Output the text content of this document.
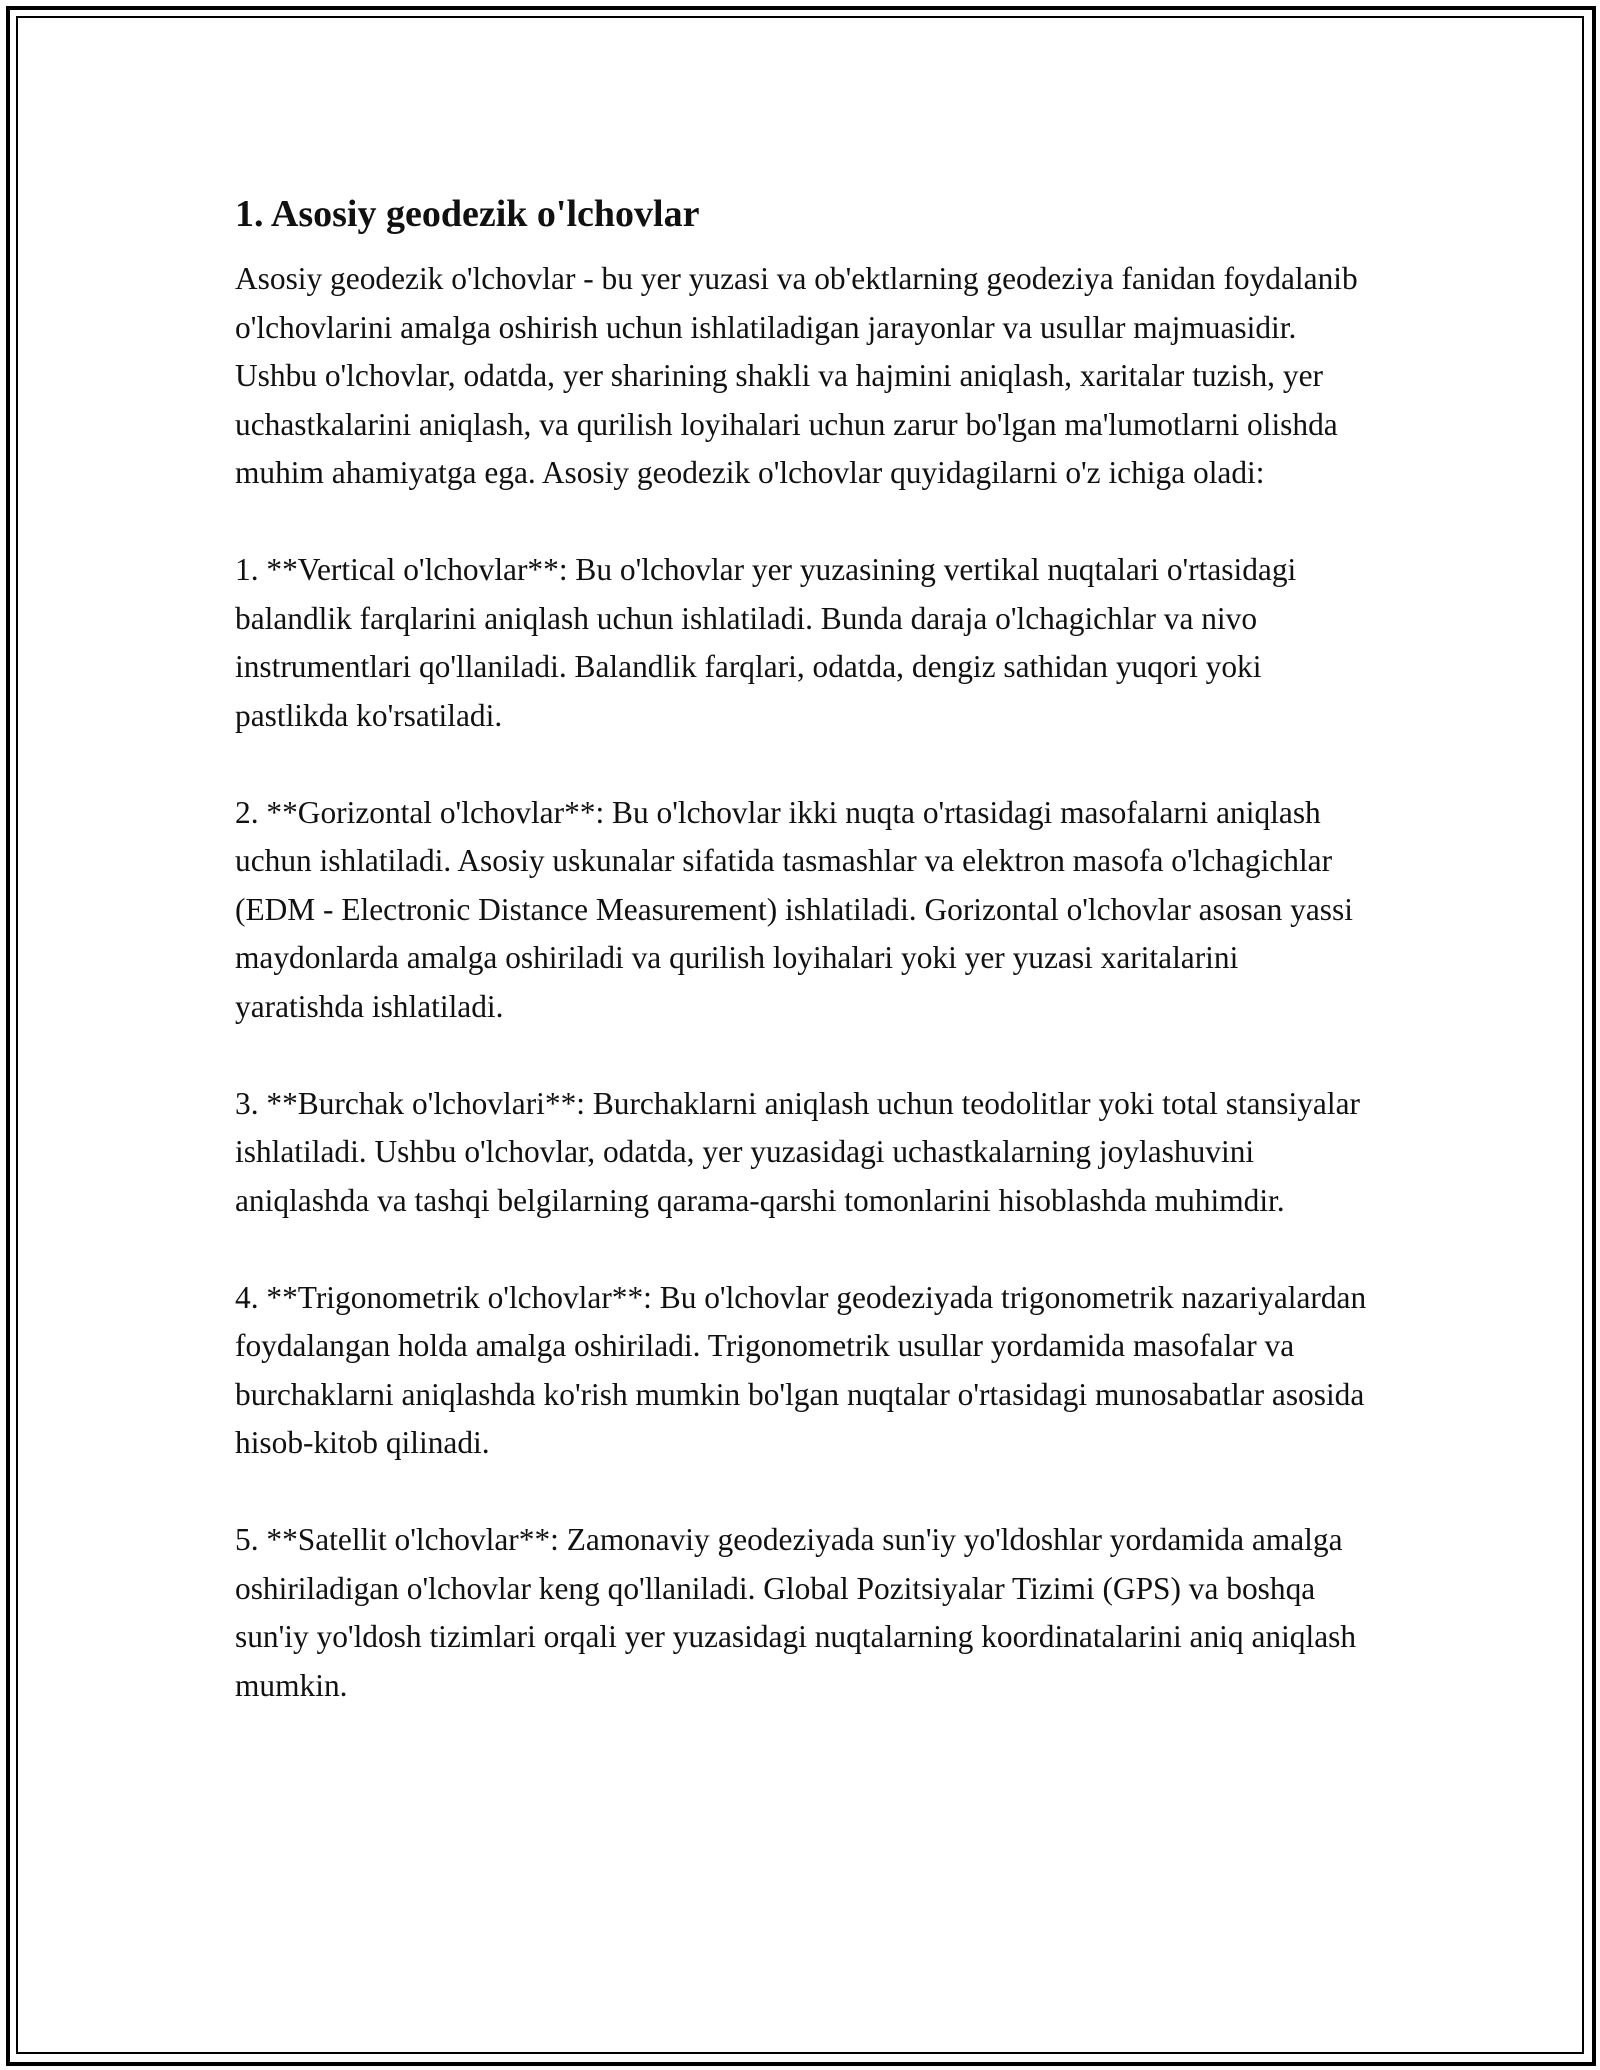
1. Asosiy geodezik o'lchovlar

Asosiy geodezik o'lchovlar - bu yer yuzasi va ob'ektlarning geodeziya fanidan foydalanib o'lchovlarini amalga oshirish uchun ishlatiladigan jarayonlar va usullar majmuasidir. Ushbu o'lchovlar, odatda, yer sharining shakli va hajmini aniqlash, xaritalar tuzish, yer uchastkalarini aniqlash, va qurilish loyihalari uchun zarur bo'lgan ma'lumotlarni olishda muhim ahamiyatga ega. Asosiy geodezik o'lchovlar quyidagilarni o'z ichiga oladi:

1. **Vertical o'lchovlar**: Bu o'lchovlar yer yuzasining vertikal nuqtalari o'rtasidagi balandlik farqlarini aniqlash uchun ishlatiladi. Bunda daraja o'lchagichlar va nivo instrumentlari qo'llaniladi. Balandlik farqlari, odatda, dengiz sathidan yuqori yoki pastlikda ko'rsatiladi.

2. **Gorizontal o'lchovlar**: Bu o'lchovlar ikki nuqta o'rtasidagi masofalarni aniqlash uchun ishlatiladi. Asosiy uskunalar sifatida tasmashlar va elektron masofa o'lchagichlar (EDM - Electronic Distance Measurement) ishlatiladi. Gorizontal o'lchovlar asosan yassi maydonlarda amalga oshiriladi va qurilish loyihalari yoki yer yuzasi xaritalarini yaratishda ishlatiladi.

3. **Burchak o'lchovlari**: Burchaklarni aniqlash uchun teodolitlar yoki total stansiyalar ishlatiladi. Ushbu o'lchovlar, odatda, yer yuzasidagi uchastkalarning joylashuvini aniqlashda va tashqi belgilarning qarama-qarshi tomonlarini hisoblashda muhimdir.

4. **Trigonometrik o'lchovlar**: Bu o'lchovlar geodeziyada trigonometrik nazariyalardan foydalangan holda amalga oshiriladi. Trigonometrik usullar yordamida masofalar va burchaklarni aniqlashda ko'rish mumkin bo'lgan nuqtalar o'rtasidagi munosabatlar asosida hisob-kitob qilinadi.

5. **Satellit o'lchovlar**: Zamonaviy geodeziyada sun'iy yo'ldoshlar yordamida amalga oshiriladigan o'lchovlar keng qo'llaniladi. Global Pozitsiyalar Tizimi (GPS) va boshqa sun'iy yo'ldosh tizimlari orqali yer yuzasidagi nuqtalarning koordinatalarini aniq aniqlash mumkin.
